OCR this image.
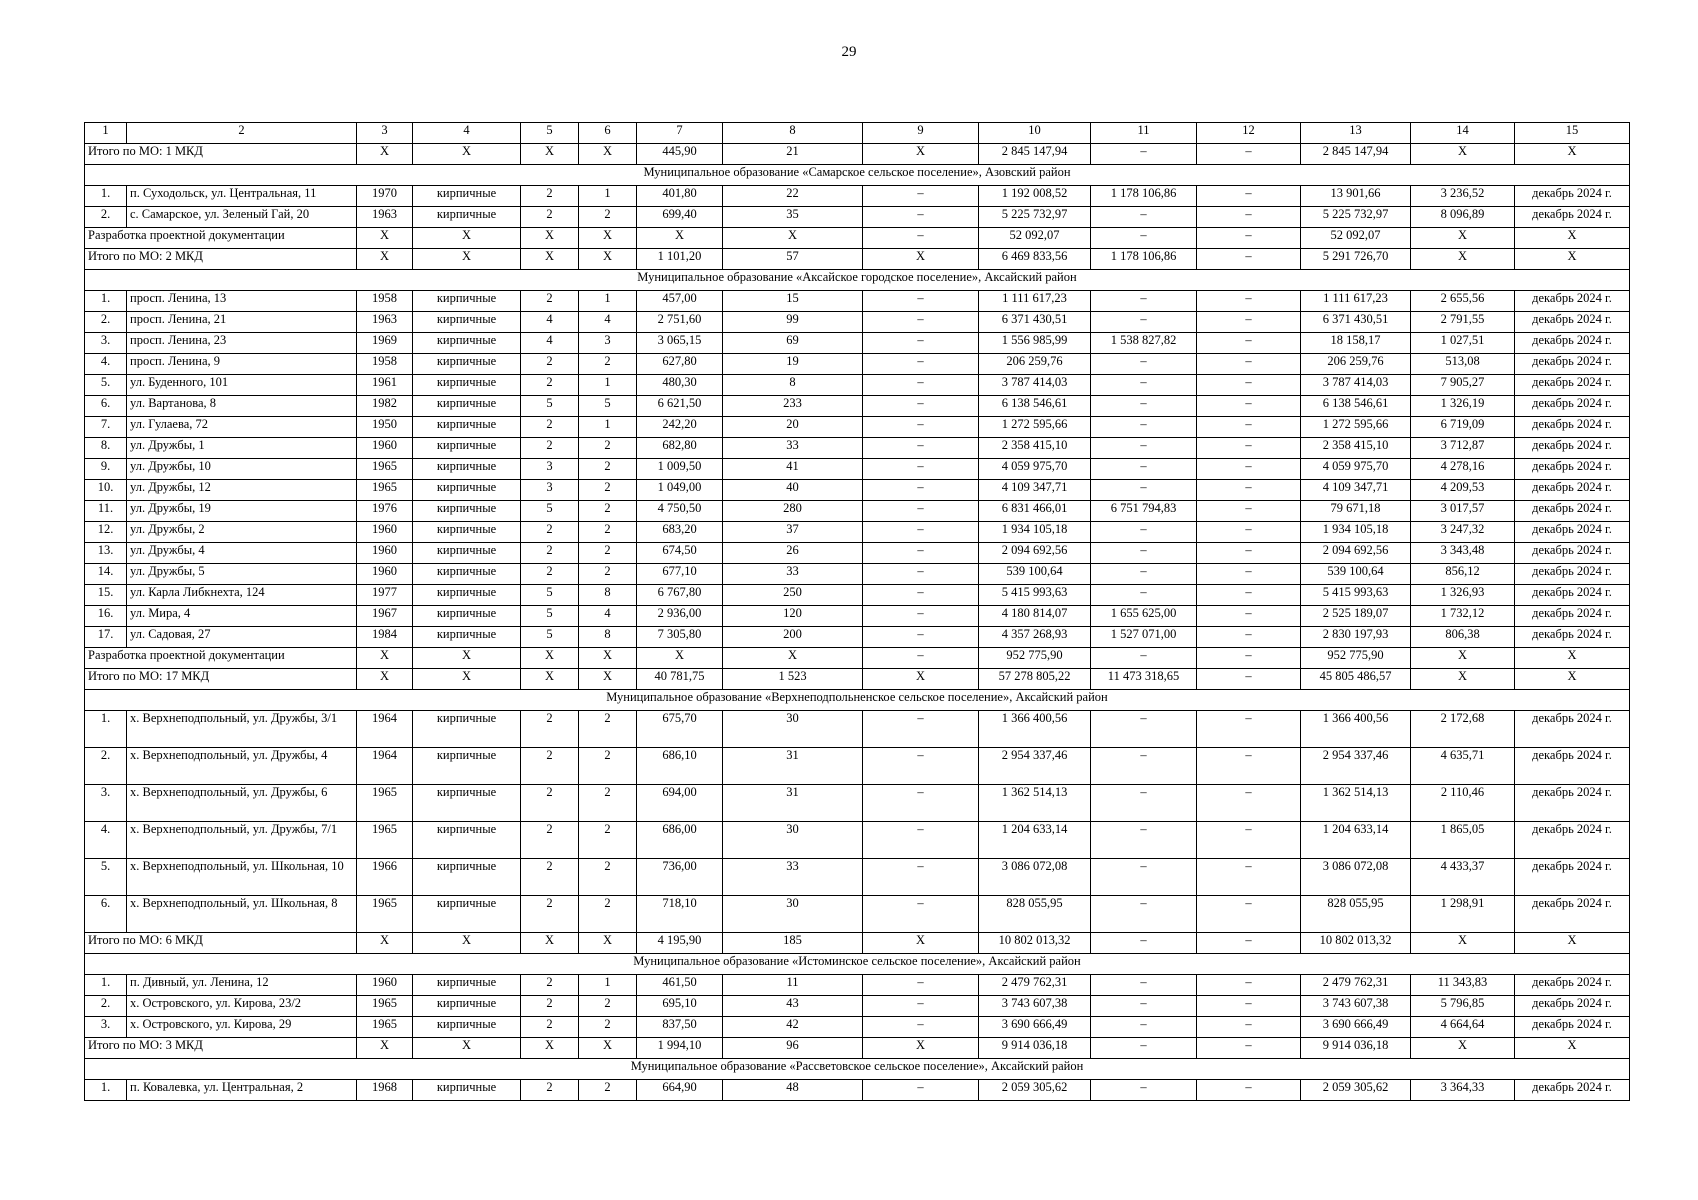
29
1	2	3	4	5	6	7	8	9	10	11	12	13	14	15
Итого по МО: 1 МКД		Х	Х	Х	Х	445,90	21	Х	2 845 147,94	–	–	2 845 147,94	Х	Х
Муниципальное образование «Самарское сельское поселение», Азовский район														
1.	п. Суходольск, ул. Центральная, 11	1970	кирпичные	2	1	401,80	22	–	1 192 008,52	1 178 106,86	–	13 901,66	3 236,52	декабрь 2024 г.
2.	с. Самарское, ул. Зеленый Гай, 20	1963	кирпичные	2	2	699,40	35	–	5 225 732,97	–	–	5 225 732,97	8 096,89	декабрь 2024 г.
Разработка проектной документации		Х	Х	Х	Х	Х	Х	–	52 092,07	–	–	52 092,07	Х	Х
Итого по МО: 2 МКД		Х	Х	Х	Х	1 101,20	57	Х	6 469 833,56	1 178 106,86	–	5 291 726,70	Х	Х
Муниципальное образование «Аксайское городское поселение», Аксайский район														
1.	просп. Ленина, 13	1958	кирпичные	2	1	457,00	15	–	1 111 617,23	–	–	1 111 617,23	2 655,56	декабрь 2024 г.
2.	просп. Ленина, 21	1963	кирпичные	4	4	2 751,60	99	–	6 371 430,51	–	–	6 371 430,51	2 791,55	декабрь 2024 г.
3.	просп. Ленина, 23	1969	кирпичные	4	3	3 065,15	69	–	1 556 985,99	1 538 827,82	–	18 158,17	1 027,51	декабрь 2024 г.
4.	просп. Ленина, 9	1958	кирпичные	2	2	627,80	19	–	206 259,76	–	–	206 259,76	513,08	декабрь 2024 г.
5.	ул. Буденного, 101	1961	кирпичные	2	1	480,30	8	–	3 787 414,03	–	–	3 787 414,03	7 905,27	декабрь 2024 г.
6.	ул. Вартанова, 8	1982	кирпичные	5	5	6 621,50	233	–	6 138 546,61	–	–	6 138 546,61	1 326,19	декабрь 2024 г.
7.	ул. Гулаева, 72	1950	кирпичные	2	1	242,20	20	–	1 272 595,66	–	–	1 272 595,66	6 719,09	декабрь 2024 г.
8.	ул. Дружбы, 1	1960	кирпичные	2	2	682,80	33	–	2 358 415,10	–	–	2 358 415,10	3 712,87	декабрь 2024 г.
9.	ул. Дружбы, 10	1965	кирпичные	3	2	1 009,50	41	–	4 059 975,70	–	–	4 059 975,70	4 278,16	декабрь 2024 г.
10.	ул. Дружбы, 12	1965	кирпичные	3	2	1 049,00	40	–	4 109 347,71	–	–	4 109 347,71	4 209,53	декабрь 2024 г.
11.	ул. Дружбы, 19	1976	кирпичные	5	2	4 750,50	280	–	6 831 466,01	6 751 794,83	–	79 671,18	3 017,57	декабрь 2024 г.
12.	ул. Дружбы, 2	1960	кирпичные	2	2	683,20	37	–	1 934 105,18	–	–	1 934 105,18	3 247,32	декабрь 2024 г.
13.	ул. Дружбы, 4	1960	кирпичные	2	2	674,50	26	–	2 094 692,56	–	–	2 094 692,56	3 343,48	декабрь 2024 г.
14.	ул. Дружбы, 5	1960	кирпичные	2	2	677,10	33	–	539 100,64	–	–	539 100,64	856,12	декабрь 2024 г.
15.	ул. Карла Либкнехта, 124	1977	кирпичные	5	8	6 767,80	250	–	5 415 993,63	–	–	5 415 993,63	1 326,93	декабрь 2024 г.
16.	ул. Мира, 4	1967	кирпичные	5	4	2 936,00	120	–	4 180 814,07	1 655 625,00	–	2 525 189,07	1 732,12	декабрь 2024 г.
17.	ул. Садовая, 27	1984	кирпичные	5	8	7 305,80	200	–	4 357 268,93	1 527 071,00	–	2 830 197,93	806,38	декабрь 2024 г.
Разработка проектной документации		Х	Х	Х	Х	Х	Х	–	952 775,90	–	–	952 775,90	Х	Х
Итого по МО: 17 МКД		Х	Х	Х	Х	40 781,75	1 523	Х	57 278 805,22	11 473 318,65	–	45 805 486,57	Х	Х
Муниципальное образование «Верхнеподпольненское сельское поселение», Аксайский район														
1.	х. Верхнеподпольный, ул. Дружбы, 3/1	1964	кирпичные	2	2	675,70	30	–	1 366 400,56	–	–	1 366 400,56	2 172,68	декабрь 2024 г.
2.	х. Верхнеподпольный, ул. Дружбы, 4	1964	кирпичные	2	2	686,10	31	–	2 954 337,46	–	–	2 954 337,46	4 635,71	декабрь 2024 г.
3.	х. Верхнеподпольный, ул. Дружбы, 6	1965	кирпичные	2	2	694,00	31	–	1 362 514,13	–	–	1 362 514,13	2 110,46	декабрь 2024 г.
4.	х. Верхнеподпольный, ул. Дружбы, 7/1	1965	кирпичные	2	2	686,00	30	–	1 204 633,14	–	–	1 204 633,14	1 865,05	декабрь 2024 г.
5.	х. Верхнеподпольный, ул. Школьная, 10	1966	кирпичные	2	2	736,00	33	–	3 086 072,08	–	–	3 086 072,08	4 433,37	декабрь 2024 г.
6.	х. Верхнеподпольный, ул. Школьная, 8	1965	кирпичные	2	2	718,10	30	–	828 055,95	–	–	828 055,95	1 298,91	декабрь 2024 г.
Итого по МО: 6 МКД		Х	Х	Х	Х	4 195,90	185	Х	10 802 013,32	–	–	10 802 013,32	Х	Х
Муниципальное образование «Истоминское сельское поселение», Аксайский район														
1.	п. Дивный, ул. Ленина, 12	1960	кирпичные	2	1	461,50	11	–	2 479 762,31	–	–	2 479 762,31	11 343,83	декабрь 2024 г.
2.	х. Островского, ул. Кирова, 23/2	1965	кирпичные	2	2	695,10	43	–	3 743 607,38	–	–	3 743 607,38	5 796,85	декабрь 2024 г.
3.	х. Островского, ул. Кирова, 29	1965	кирпичные	2	2	837,50	42	–	3 690 666,49	–	–	3 690 666,49	4 664,64	декабрь 2024 г.
Итого по МО: 3 МКД		Х	Х	Х	Х	1 994,10	96	Х	9 914 036,18	–	–	9 914 036,18	Х	Х
Муниципальное образование «Рассветовское сельское поселение», Аксайский район														
1.	п. Ковалевка, ул. Центральная, 2	1968	кирпичные	2	2	664,90	48	–	2 059 305,62	–	–	2 059 305,62	3 364,33	декабрь 2024 г.
